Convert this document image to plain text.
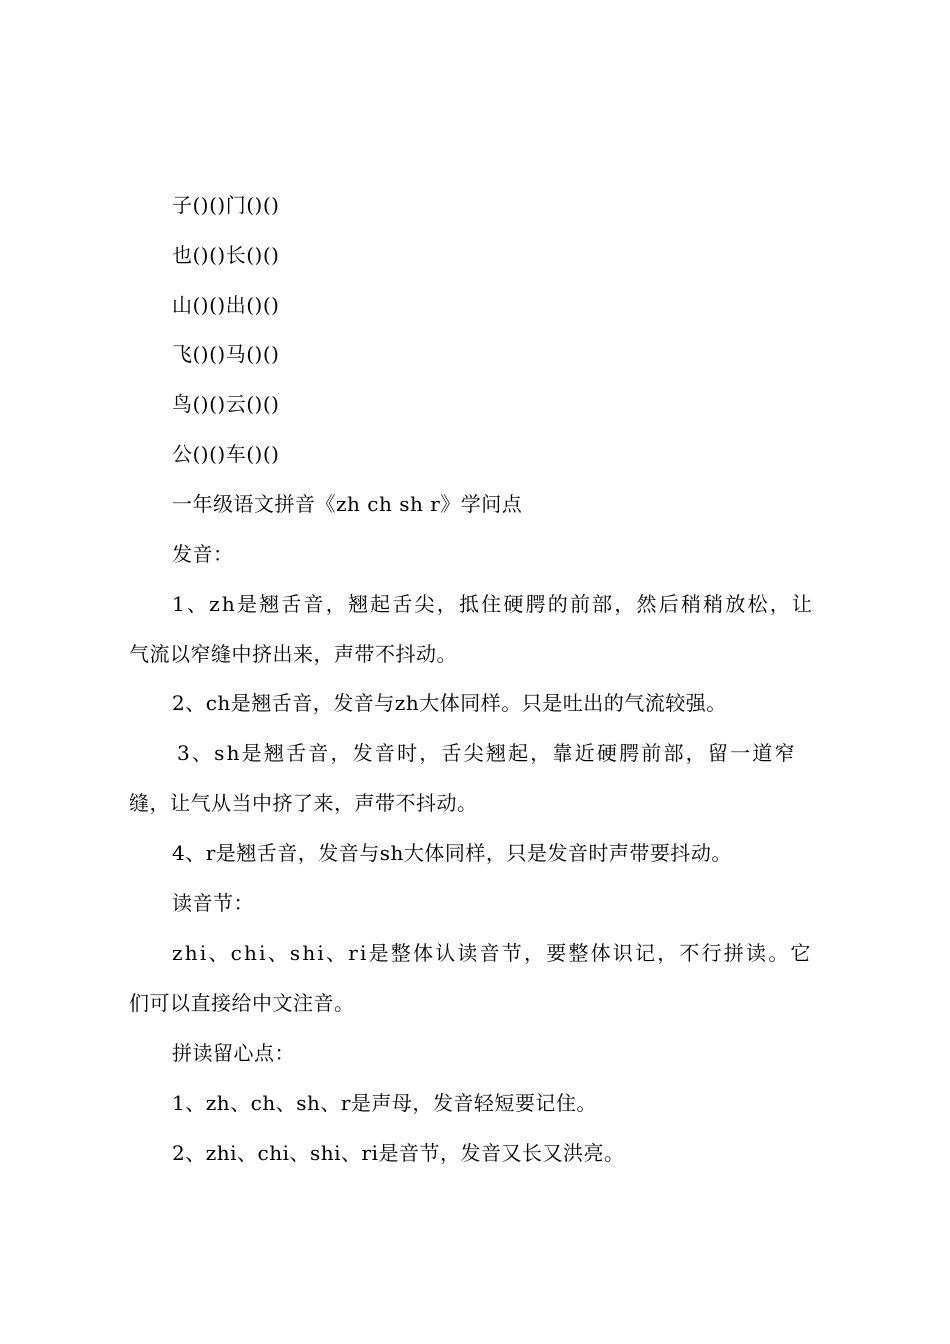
子()()门()()
也()()长()()
山()()出()()
飞()()马()()
鸟()()云()()
公()()车()()
一年级语文拼音《zh ch sh r》学问点
发音：
1、zh是翘舌音，翘起舌尖，抵住硬腭的前部，然后稍稍放松，让
气流以窄缝中挤出来，声带不抖动。
2、ch是翘舌音，发音与zh大体同样。只是吐出的气流较强。
3、sh是翘舌音，发音时，舌尖翘起，靠近硬腭前部，留一道窄
缝，让气从当中挤了来，声带不抖动。
4、r是翘舌音，发音与sh大体同样，只是发音时声带要抖动。
读音节：
zhi、chi、shi、ri是整体认读音节，要整体识记，不行拼读。它
们可以直接给中文注音。
拼读留心点：
1、zh、ch、sh、r是声母，发音轻短要记住。
2、zhi、chi、shi、ri是音节，发音又长又洪亮。
